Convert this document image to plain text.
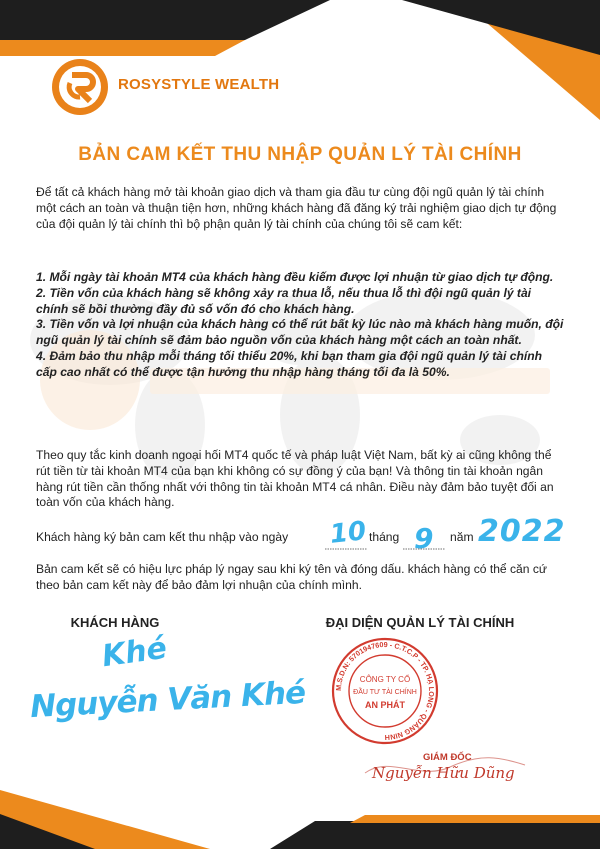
ROSYSTYLE WEALTH
BẢN CAM KẾT THU NHẬP QUẢN LÝ TÀI CHÍNH
Để tất cả khách hàng mở tài khoản giao dịch và tham gia đầu tư cùng đội ngũ quản lý tài chính một cách an toàn và thuận tiện hơn, những khách hàng đã đăng ký trải nghiệm giao dịch tự động của đội quản lý tài chính thì bộ phận quản lý tài chính của chúng tôi sẽ cam kết:

1. Mỗi ngày tài khoản MT4 của khách hàng đều kiếm được lợi nhuận từ giao dịch tự động.

2. Tiền vốn của khách hàng sẽ không xảy ra thua lỗ, nếu thua lỗ thì đội ngũ quản lý tài chính sẽ bồi thường đầy đủ số vốn đó cho khách hàng.

3. Tiền vốn và lợi nhuận của khách hàng có thể rút bất kỳ lúc nào mà khách hàng muốn, đội ngũ quản lý tài chính sẽ đảm bảo nguồn vốn của khách hàng một cách an toàn nhất.

4. Đảm bảo thu nhập mỗi tháng tối thiểu 20%, khi bạn tham gia đội ngũ quản lý tài chính cấp cao nhất có thể được tận hưởng thu nhập hàng tháng tối đa là 50%.

Theo quy tắc kinh doanh ngoại hối MT4 quốc tế và pháp luật Việt Nam, bất kỳ ai cũng không thể rút tiền từ tài khoản MT4 của bạn khi không có sự đồng ý của bạn! Và thông tin tài khoản ngân hàng rút tiền cần thống nhất với thông tin tài khoản MT4 cá nhân. Điều này đảm bảo tuyệt đối an toàn vốn của khách hàng.
Khách hàng ký bản cam kết thu nhập vào ngày	tháng	năm
10 9 2022
Bản cam kết sẽ có hiệu lực pháp lý ngay sau khi ký tên và đóng dấu. khách hàng có thể căn cứ theo bản cam kết này để bảo đảm lợi nhuận của chính mình.
KHÁCH HÀNG	ĐẠI DIỆN QUẢN LÝ TÀI CHÍNH
Khé
Nguyễn Văn Khé	M.S.D.N: 5701947609 - C.T.C.P - TP. HẠ LONG - QUẢNG NINH
CÔNG TY CỔ
ĐẦU TƯ TÀI CHÍNH
AN PHÁT
GIÁM ĐỐC
Nguyễn Hữu Dũng
